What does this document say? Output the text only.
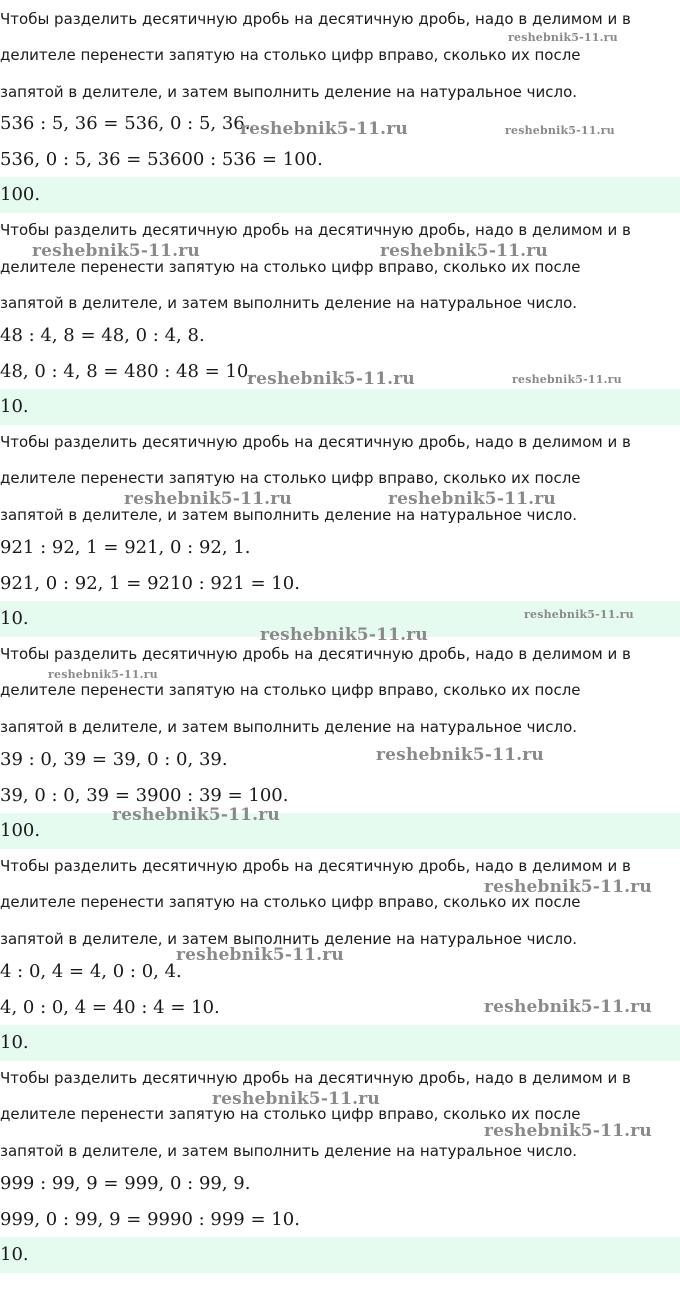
Чтобы разделить десятичную дробь на десятичную дробь, надо в делимом и в
делителе перенести запятую на столько цифр вправо, сколько их после
запятой в делителе, и затем выполнить деление на натуральное число.
536 : 5, 36 = 536, 0 : 5, 36.
536, 0 : 5, 36 = 53600 : 536 = 100.
100.
Чтобы разделить десятичную дробь на десятичную дробь, надо в делимом и в
делителе перенести запятую на столько цифр вправо, сколько их после
запятой в делителе, и затем выполнить деление на натуральное число.
48 : 4, 8 = 48, 0 : 4, 8.
48, 0 : 4, 8 = 480 : 48 = 10.
10.
Чтобы разделить десятичную дробь на десятичную дробь, надо в делимом и в
делителе перенести запятую на столько цифр вправо, сколько их после
запятой в делителе, и затем выполнить деление на натуральное число.
921 : 92, 1 = 921, 0 : 92, 1.
921, 0 : 92, 1 = 9210 : 921 = 10.
10.
Чтобы разделить десятичную дробь на десятичную дробь, надо в делимом и в
делителе перенести запятую на столько цифр вправо, сколько их после
запятой в делителе, и затем выполнить деление на натуральное число.
39 : 0, 39 = 39, 0 : 0, 39.
39, 0 : 0, 39 = 3900 : 39 = 100.
100.
Чтобы разделить десятичную дробь на десятичную дробь, надо в делимом и в
делителе перенести запятую на столько цифр вправо, сколько их после
запятой в делителе, и затем выполнить деление на натуральное число.
4 : 0, 4 = 4, 0 : 0, 4.
4, 0 : 0, 4 = 40 : 4 = 10.
10.
Чтобы разделить десятичную дробь на десятичную дробь, надо в делимом и в
делителе перенести запятую на столько цифр вправо, сколько их после
запятой в делителе, и затем выполнить деление на натуральное число.
999 : 99, 9 = 999, 0 : 99, 9.
999, 0 : 99, 9 = 9990 : 999 = 10.
10.
reshebnik5-11.ru
reshebnik5-11.ru	reshebnik5-11.ru
reshebnik5-11.ru	reshebnik5-11.ru
reshebnik5-11.ru	reshebnik5-11.ru
reshebnik5-11.ru	reshebnik5-11.ru
reshebnik5-11.ru
reshebnik5-11.ru
reshebnik5-11.ru
reshebnik5-11.ru
reshebnik5-11.ru
reshebnik5-11.ru
reshebnik5-11.ru
reshebnik5-11.ru
reshebnik5-11.ru
reshebnik5-11.ru
